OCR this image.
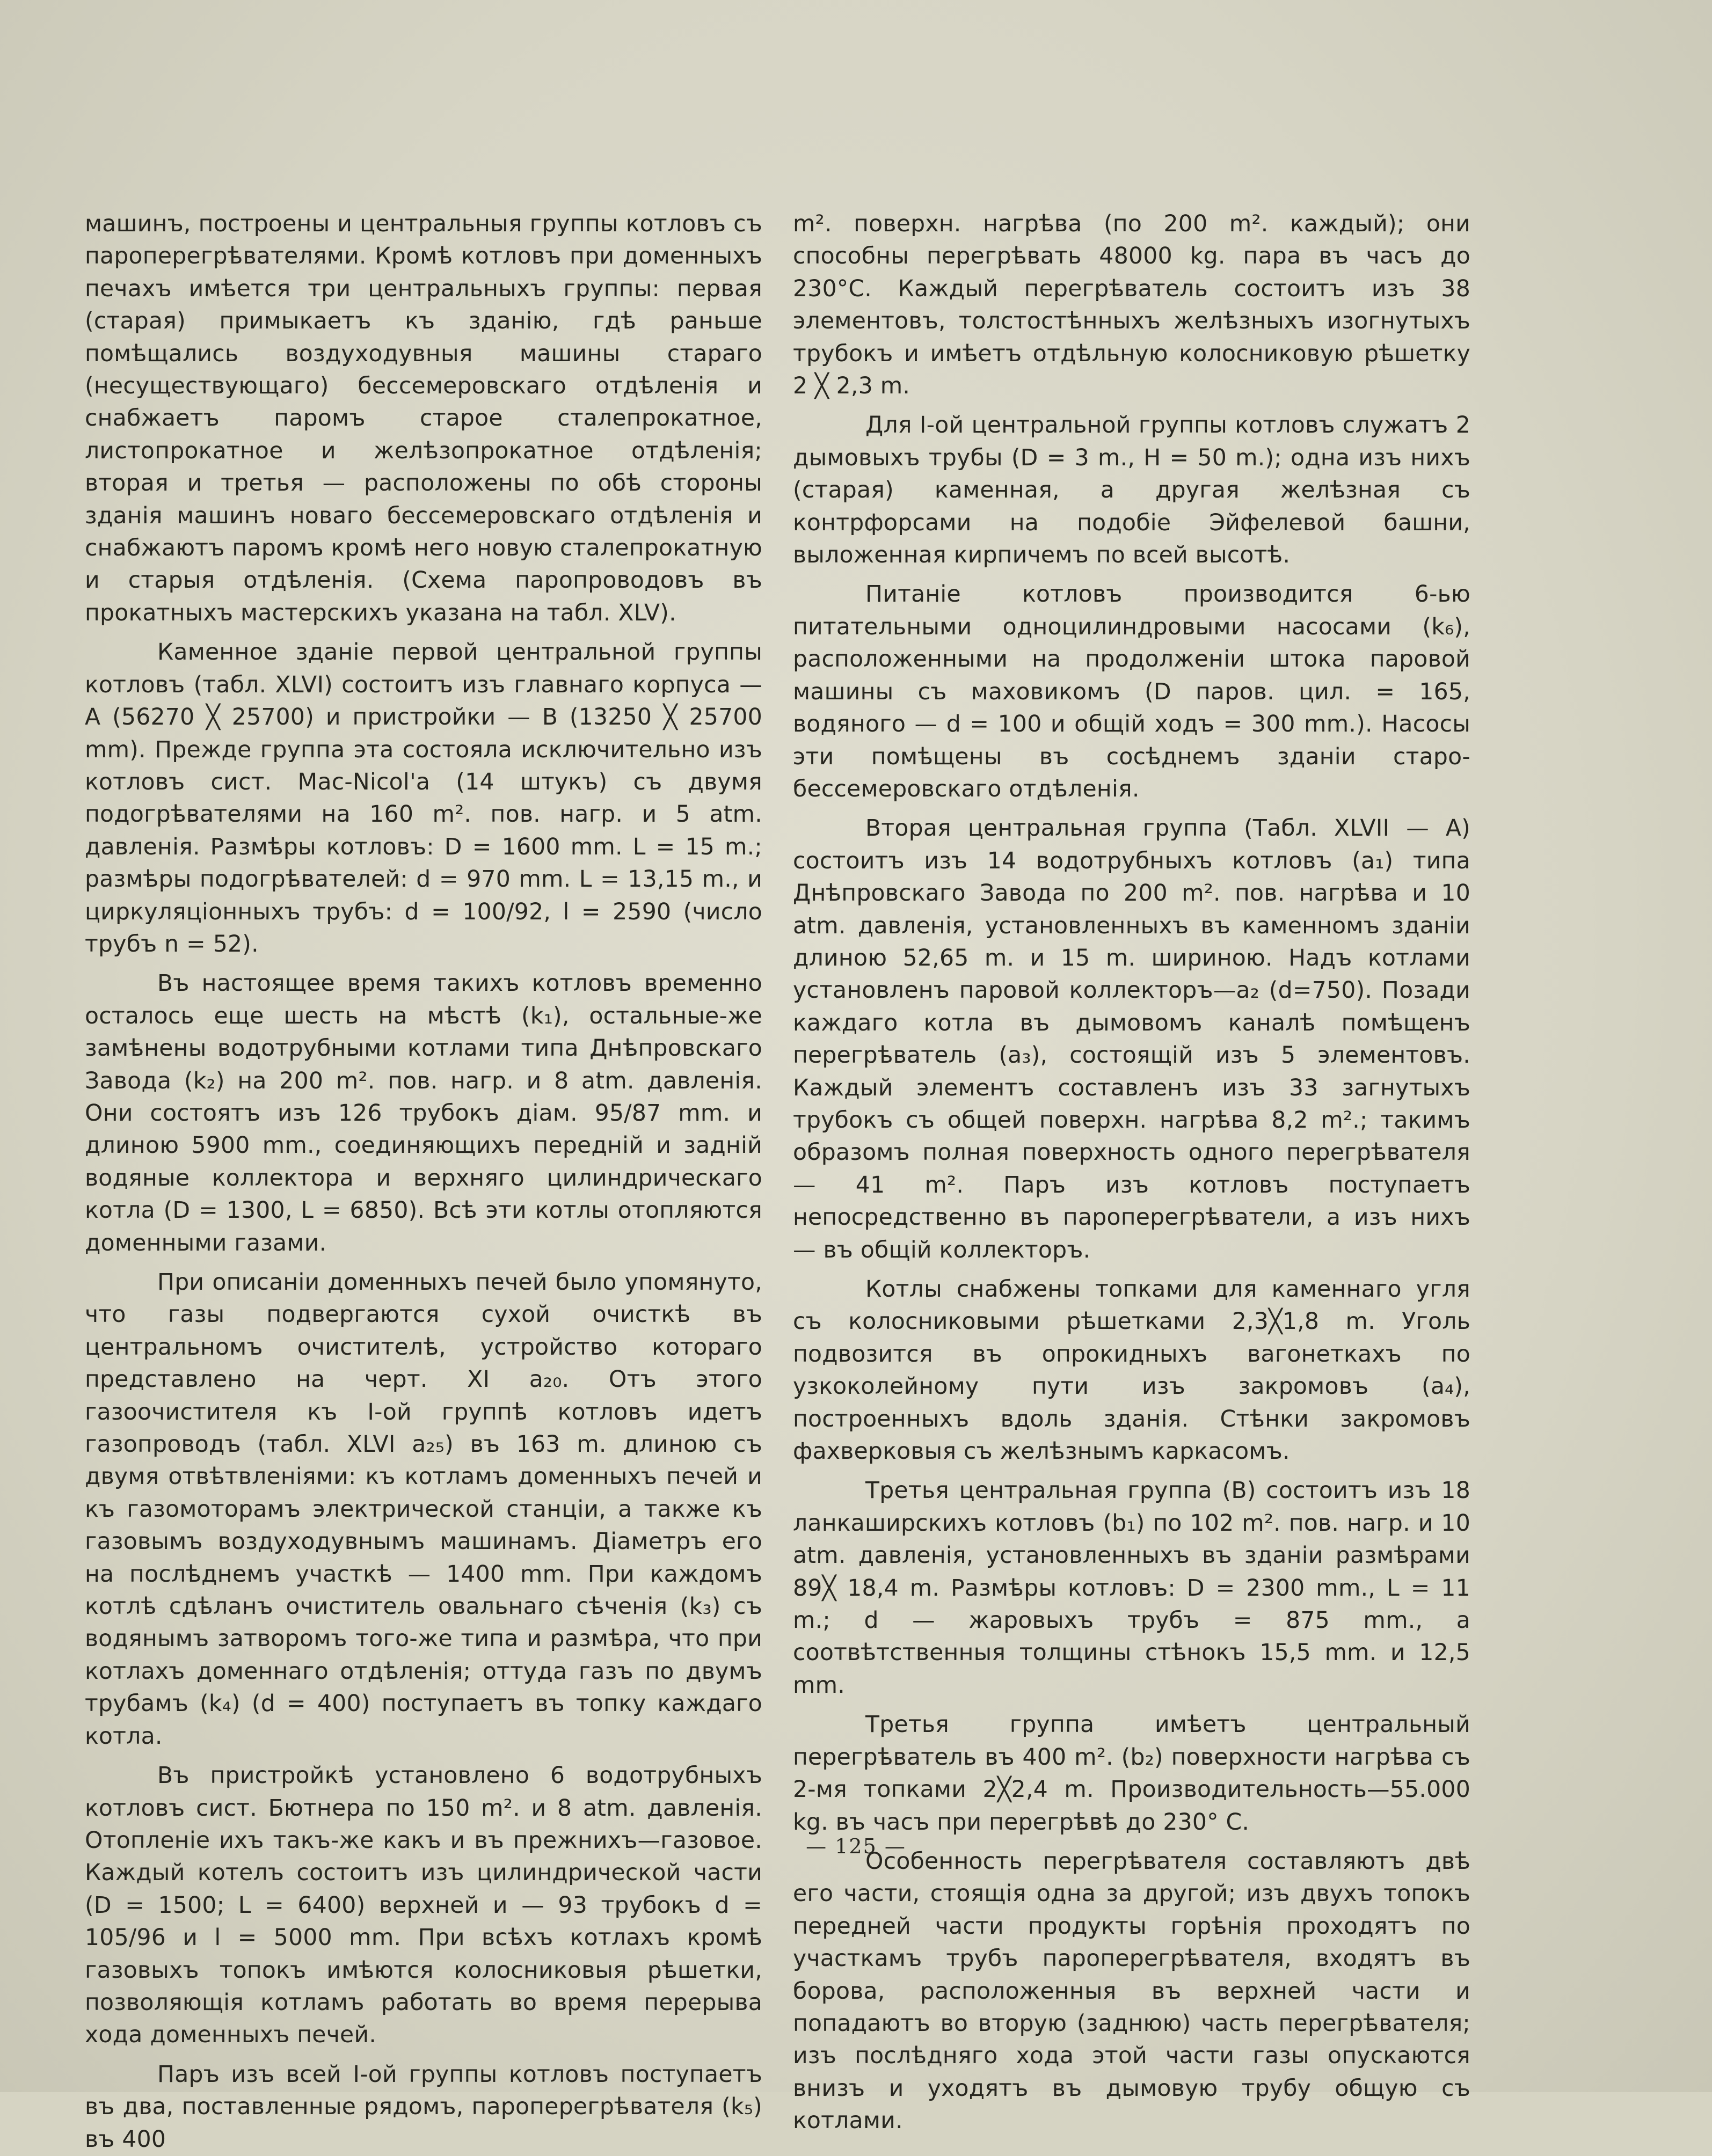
машинъ, построены и центральныя группы котловъ съ пароперегрѣвателями. Кромѣ котловъ при доменныхъ печахъ имѣется три центральныхъ группы: первая (старая) примыкаетъ къ зданію, гдѣ раньше помѣщались воздуходувныя машины стараго (несуществующаго) бессемеровскаго отдѣленія и снабжаетъ паромъ старое сталепрокатное, листопрокатное и желѣзопрокатное отдѣленія; вторая и третья — расположены по обѣ стороны зданія машинъ новаго бессемеровскаго отдѣленія и снабжаютъ паромъ кромѣ него новую сталепрокатную и старыя отдѣленія. (Схема паропроводовъ въ прокатныхъ мастерскихъ указана на табл. XLV).

Каменное зданіе первой центральной группы котловъ (табл. XLVI) состоитъ изъ главнаго корпуса — А (56270 ╳ 25700) и пристройки — В (13250 ╳ 25700 mm). Прежде группа эта состояла исключительно изъ котловъ сист. Mac-Nicol'a (14 штукъ) съ двумя подогрѣвателями на 160 m². пов. нагр. и 5 atm. давленія. Размѣры котловъ: D = 1600 mm. L = 15 m.; размѣры подогрѣвателей: d = 970 mm. L = 13,15 m., и циркуляціонныхъ трубъ: d = 100/92, l = 2590 (число трубъ n = 52).

Въ настоящее время такихъ котловъ временно осталось еще шесть на мѣстѣ (k₁), остальные-же замѣнены водотрубными котлами типа Днѣпровскаго Завода (k₂) на 200 m². пов. нагр. и 8 atm. давленія. Они состоятъ изъ 126 трубокъ діам. 95/87 mm. и длиною 5900 mm., соединяющихъ передній и задній водяные коллектора и верхняго цилиндрическаго котла (D = 1300, L = 6850). Всѣ эти котлы отопляются доменными газами.

При описаніи доменныхъ печей было упомянуто, что газы подвергаются сухой очисткѣ въ центральномъ очистителѣ, устройство котораго представлено на черт. XI a₂₀. Отъ этого газоочистителя къ I-ой группѣ котловъ идетъ газопроводъ (табл. XLVI a₂₅) въ 163 m. длиною съ двумя отвѣтвленіями: къ котламъ доменныхъ печей и къ газомоторамъ электрической станціи, а также къ газовымъ воздуходувнымъ машинамъ. Діаметръ его на послѣднемъ участкѣ — 1400 mm. При каждомъ котлѣ сдѣланъ очиститель овальнаго сѣченія (k₃) съ водянымъ затворомъ того-же типа и размѣра, что при котлахъ доменнаго отдѣленія; оттуда газъ по двумъ трубамъ (k₄) (d = 400) поступаетъ въ топку каждаго котла.

Въ пристройкѣ установлено 6 водотрубныхъ котловъ сист. Бютнера по 150 m². и 8 atm. давленія. Отопленіе ихъ такъ-же какъ и въ прежнихъ—газовое. Каждый котелъ состоитъ изъ цилиндрической части (D = 1500; L = 6400) верхней и — 93 трубокъ d = 105/96 и l = 5000 mm. При всѣхъ котлахъ кромѣ газовыхъ топокъ имѣются колосниковыя рѣшетки, позволяющія котламъ работать во время перерыва хода доменныхъ печей.

Паръ изъ всей I-ой группы котловъ поступаетъ въ два, поставленные рядомъ, пароперегрѣвателя (k₅) въ 400

m². поверхн. нагрѣва (по 200 m². каждый); они способны перегрѣвать 48000 kg. пара въ часъ до 230°C. Каждый перегрѣватель состоитъ изъ 38 элементовъ, толстостѣнныхъ желѣзныхъ изогнутыхъ трубокъ и имѣетъ отдѣльную колосниковую рѣшетку 2 ╳ 2,3 m.

Для I-ой центральной группы котловъ служатъ 2 дымовыхъ трубы (D = 3 m., H = 50 m.); одна изъ нихъ (старая) каменная, а другая желѣзная съ контрфорсами на подобіе Эйфелевой башни, выложенная кирпичемъ по всей высотѣ.

Питаніе котловъ производится 6-ью питательными одноцилиндровыми насосами (k₆), расположенными на продолженіи штока паровой машины съ маховикомъ (D паров. цил. = 165, водяного — d = 100 и общій ходъ = 300 mm.). Насосы эти помѣщены въ сосѣднемъ зданіи старо-бессемеровскаго отдѣленія.

Вторая центральная группа (Табл. XLVII — A) состоитъ изъ 14 водотрубныхъ котловъ (a₁) типа Днѣпровскаго Завода по 200 m². пов. нагрѣва и 10 atm. давленія, установленныхъ въ каменномъ зданіи длиною 52,65 m. и 15 m. шириною. Надъ котлами установленъ паровой коллекторъ—a₂ (d=750). Позади каждаго котла въ дымовомъ каналѣ помѣщенъ перегрѣватель (a₃), состоящій изъ 5 элементовъ. Каждый элементъ составленъ изъ 33 загнутыхъ трубокъ съ общей поверхн. нагрѣва 8,2 m².; такимъ образомъ полная поверхность одного перегрѣвателя — 41 m². Паръ изъ котловъ поступаетъ непосредственно въ пароперегрѣватели, а изъ нихъ — въ общій коллекторъ.

Котлы снабжены топками для каменнаго угля съ колосниковыми рѣшетками 2,3╳1,8 m. Уголь подвозится въ опрокидныхъ вагонеткахъ по узкоколейному пути изъ закромовъ (a₄), построенныхъ вдоль зданія. Стѣнки закромовъ фахверковыя съ желѣзнымъ каркасомъ.

Третья центральная группа (B) состоитъ изъ 18 ланкаширскихъ котловъ (b₁) по 102 m². пов. нагр. и 10 atm. давленія, установленныхъ въ зданіи размѣрами 89╳ 18,4 m. Размѣры котловъ: D = 2300 mm., L = 11 m.; d — жаровыхъ трубъ = 875 mm., а соотвѣтственныя толщины стѣнокъ 15,5 mm. и 12,5 mm.

Третья группа имѣетъ центральный перегрѣватель въ 400 m². (b₂) поверхности нагрѣва съ 2-мя топками 2╳2,4 m. Производительность—55.000 kg. въ часъ при перегрѣвѣ до 230° C.

Особенность перегрѣвателя составляютъ двѣ его части, стоящія одна за другой; изъ двухъ топокъ передней части продукты горѣнія проходятъ по участкамъ трубъ пароперегрѣвателя, входятъ въ борова, расположенныя въ верхней части и попадаютъ во вторую (заднюю) часть перегрѣвателя; изъ послѣдняго хода этой части газы опускаются внизъ и уходятъ въ дымовую трубу общую съ котлами.

— 125 —
